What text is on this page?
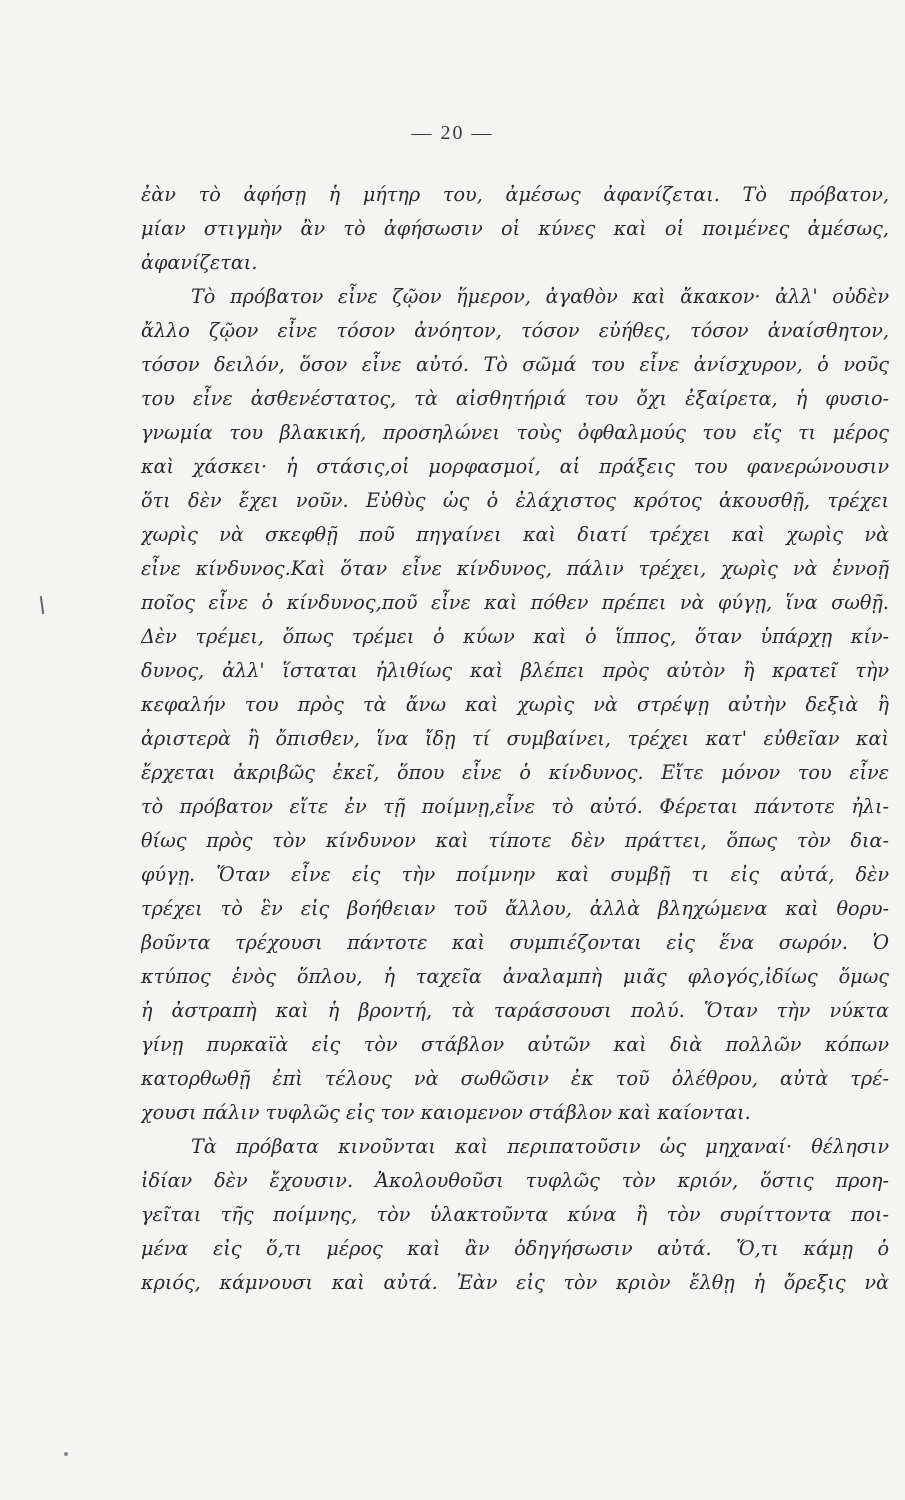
— 20 —
ἐὰν τὸ ἀφήσῃ ἡ μήτηρ του, ἀμέσως ἀφανίζεται. Τὸ πρόβατον,
μίαν στιγμὴν ἂν τὸ ἀφήσωσιν οἱ κύνες καὶ οἱ ποιμένες ἀμέσως,
ἀφανίζεται.
Τὸ πρόβατον εἶνε ζῷον ἥμερον, ἀγαθὸν καὶ ἄκακον· ἀλλ' οὐδὲν
ἄλλο ζῷον εἶνε τόσον ἀνόητον, τόσον εὐήθες, τόσον ἀναίσθητον,
τόσον δειλόν, ὅσον εἶνε αὐτό. Τὸ σῶμά του εἶνε ἀνίσχυρον, ὁ νοῦς
του εἶνε ἀσθενέστατος, τὰ αἰσθητήριά του ὄχι ἐξαίρετα, ἡ φυσιο-
γνωμία του βλακική, προσηλώνει τοὺς ὀφθαλμούς του εἴς τι μέρος
καὶ χάσκει· ἡ στάσις,οἱ μορφασμοί, αἱ πράξεις του φανερώνουσιν
ὅτι δὲν ἔχει νοῦν. Εὐθὺς ὡς ὁ ἐλάχιστος κρότος ἀκουσθῇ, τρέχει
χωρὶς νὰ σκεφθῇ ποῦ πηγαίνει καὶ διατί τρέχει καὶ χωρὶς νὰ
εἶνε κίνδυνος.Καὶ ὅταν εἶνε κίνδυνος, πάλιν τρέχει, χωρὶς νὰ ἐννοῇ
ποῖος εἶνε ὁ κίνδυνος,ποῦ εἶνε καὶ πόθεν πρέπει νὰ φύγῃ, ἵνα σωθῇ.
Δὲν τρέμει, ὅπως τρέμει ὁ κύων καὶ ὁ ἵππος, ὅταν ὑπάρχῃ κίν-
δυνος, ἀλλ' ἵσταται ἠλιθίως καὶ βλέπει πρὸς αὐτὸν ἢ κρατεῖ τὴν
κεφαλήν του πρὸς τὰ ἄνω καὶ χωρὶς νὰ στρέψῃ αὐτὴν δεξιὰ ἢ
ἀριστερὰ ἢ ὄπισθεν, ἵνα ἴδῃ τί συμβαίνει, τρέχει κατ' εὐθεῖαν καὶ
ἔρχεται ἀκριβῶς ἐκεῖ, ὅπου εἶνε ὁ κίνδυνος. Εἴτε μόνον του εἶνε
τὸ πρόβατον εἴτε ἐν τῇ ποίμνῃ,εἶνε τὸ αὐτό. Φέρεται πάντοτε ἠλι-
θίως πρὸς τὸν κίνδυνον καὶ τίποτε δὲν πράττει, ὅπως τὸν δια-
φύγῃ. Ὅταν εἶνε εἰς τὴν ποίμνην καὶ συμβῇ τι εἰς αὐτά, δὲν
τρέχει τὸ ἓν εἰς βοήθειαν τοῦ ἄλλου, ἀλλὰ βληχώμενα καὶ θορυ-
βοῦντα τρέχουσι πάντοτε καὶ συμπιέζονται εἰς ἕνα σωρόν. Ὁ
κτύπος ἑνὸς ὅπλου, ἡ ταχεῖα ἀναλαμπὴ μιᾶς φλογός,ἰδίως ὅμως
ἡ ἀστραπὴ καὶ ἡ βροντή, τὰ ταράσσουσι πολύ. Ὅταν τὴν νύκτα
γίνῃ πυρκαϊὰ εἰς τὸν στάβλον αὐτῶν καὶ διὰ πολλῶν κόπων
κατορθωθῇ ἐπὶ τέλους νὰ σωθῶσιν ἐκ τοῦ ὀλέθρου, αὐτὰ τρέ-
χουσι πάλιν τυφλῶς εἰς τον καιομενον στάβλον καὶ καίονται.
Τὰ πρόβατα κινοῦνται καὶ περιπατοῦσιν ὡς μηχαναί· θέλησιν
ἰδίαν δὲν ἔχουσιν. Ἀκολουθοῦσι τυφλῶς τὸν κριόν, ὅστις προη-
γεῖται τῆς ποίμνης, τὸν ὑλακτοῦντα κύνα ἢ τὸν συρίττοντα ποι-
μένα εἰς ὅ,τι μέρος καὶ ἂν ὁδηγήσωσιν αὐτά. Ὅ,τι κάμῃ ὁ
κριός, κάμνουσι καὶ αὐτά. Ἐὰν εἰς τὸν κριὸν ἔλθῃ ἡ ὄρεξις νὰ
